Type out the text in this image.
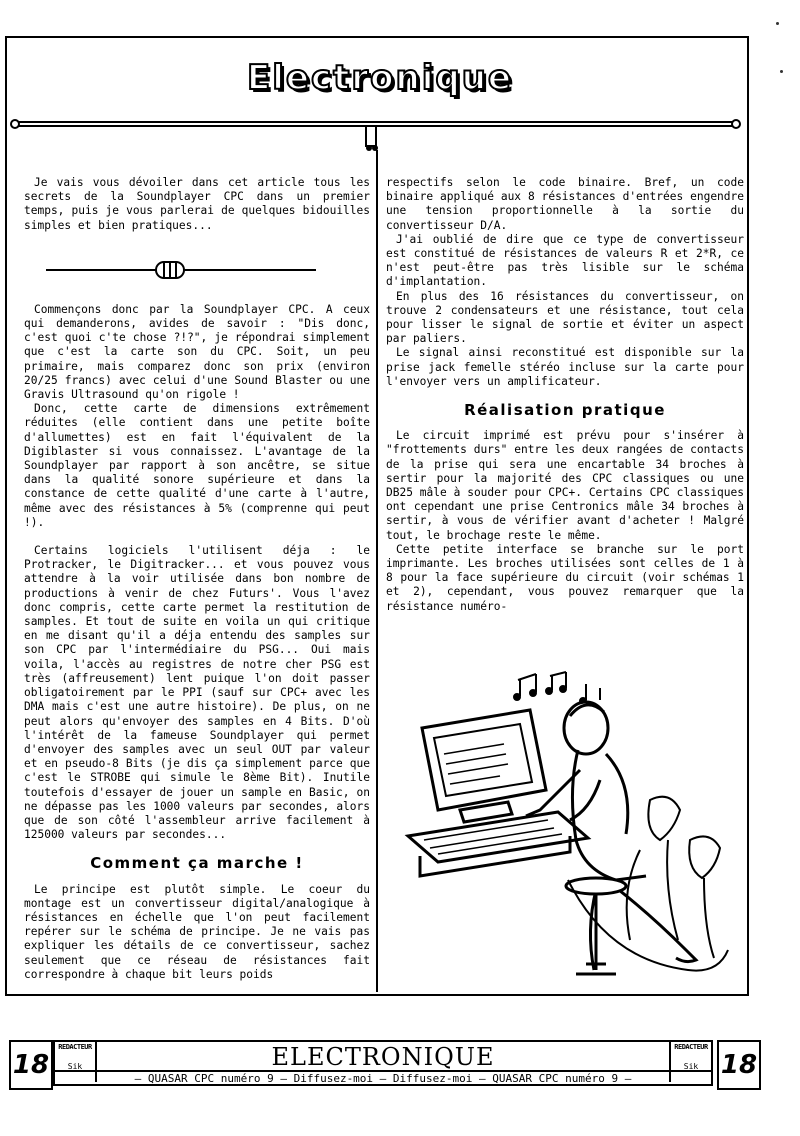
Electronique

Je vais vous dévoiler dans cet article tous les secrets de la Soundplayer CPC dans un premier temps, puis je vous parlerai de quelques bidouilles simples et bien pratiques...

Commençons donc par la Soundplayer CPC. A ceux qui demanderons, avides de savoir : "Dis donc, c'est quoi c'te chose ?!?", je répondrai simplement que c'est la carte son du CPC. Soit, un peu primaire, mais comparez donc son prix (environ 20/25 francs) avec celui d'une Sound Blaster ou une Gravis Ultrasound qu'on rigole !

Donc, cette carte de dimensions extrêmement réduites (elle contient dans une petite boîte d'allumettes) est en fait l'équivalent de la Digiblaster si vous connaissez. L'avantage de la Soundplayer par rapport à son ancêtre, se situe dans la qualité sonore supérieure et dans la constance de cette qualité d'une carte à l'autre, même avec des résistances à 5% (comprenne qui peut !).

Certains logiciels l'utilisent déja : le Protracker, le Digitracker... et vous pouvez vous attendre à la voir utilisée dans bon nombre de productions à venir de chez Futurs'. Vous l'avez donc compris, cette carte permet la restitution de samples. Et tout de suite en voila un qui critique en me disant qu'il a déja entendu des samples sur son CPC par l'intermédiaire du PSG... Oui mais voila, l'accès au registres de notre cher PSG est très (affreusement) lent puique l'on doit passer obligatoirement par le PPI (sauf sur CPC+ avec les DMA mais c'est une autre histoire). De plus, on ne peut alors qu'envoyer des samples en 4 Bits. D'où l'intérêt de la fameuse Soundplayer qui permet d'envoyer des samples avec un seul OUT par valeur et en pseudo-8 Bits (je dis ça simplement parce que c'est le STROBE qui simule le 8ème Bit). Inutile toutefois d'essayer de jouer un sample en Basic, on ne dépasse pas les 1000 valeurs par secondes, alors que de son côté l'assembleur arrive facilement à 125000 valeurs par secondes...

Comment ça marche !

Le principe est plutôt simple. Le coeur du montage est un convertisseur digital/analogique à résistances en échelle que l'on peut facilement repérer sur le schéma de principe. Je ne vais pas expliquer les détails de ce convertisseur, sachez seulement que ce réseau de résistances fait correspondre à chaque bit leurs poids

respectifs selon le code binaire. Bref, un code binaire appliqué aux 8 résistances d'entrées engendre une tension proportionnelle à la sortie du convertisseur D/A.

J'ai oublié de dire que ce type de convertisseur est constitué de résistances de valeurs R et 2*R, ce n'est peut-être pas très lisible sur le schéma d'implantation.

En plus des 16 résistances du convertisseur, on trouve 2 condensateurs et une résistance, tout cela pour lisser le signal de sortie et éviter un aspect par paliers.

Le signal ainsi reconstitué est disponible sur la prise jack femelle stéréo incluse sur la carte pour l'envoyer vers un amplificateur.

Réalisation pratique

Le circuit imprimé est prévu pour s'insérer à "frottements durs" entre les deux rangées de contacts de la prise qui sera une encartable 34 broches à sertir pour la majorité des CPC classiques ou une DB25 mâle à souder pour CPC+. Certains CPC classiques ont cependant une prise Centronics mâle 34 broches à sertir, à vous de vérifier avant d'acheter ! Malgré tout, le brochage reste le même.

Cette petite interface se branche sur le port imprimante. Les broches utilisées sont celles de 1 à 8 pour la face supérieure du circuit (voir schémas 1 et 2), cependant, vous pouvez remarquer que la résistance numéro-

18
REDACTEUR
Sik	ELECTRONIQUE	REDACTEUR
Sik
— QUASAR CPC numéro 9 — Diffusez-moi — Diffusez-moi — QUASAR CPC numéro 9 —	18
